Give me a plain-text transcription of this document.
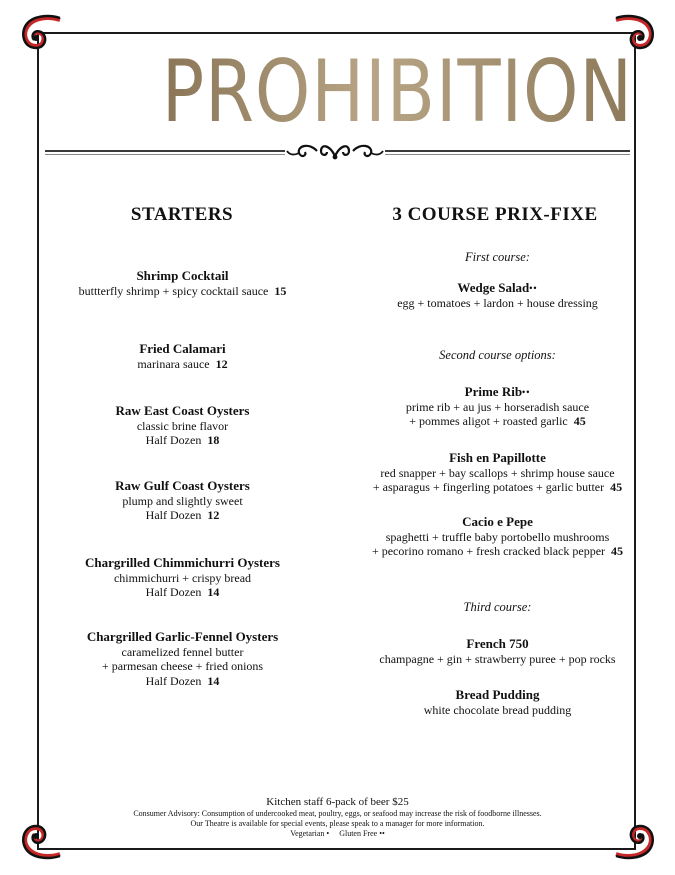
PROHIBITION
STARTERS	3 COURSE PRIX-FIXE
Shrimp Cocktail
buttterfly shrimp + spicy cocktail sauce 15
Fried Calamari
marinara sauce 12
Raw East Coast Oysters
classic brine flavor
Half Dozen 18
Raw Gulf Coast Oysters
plump and slightly sweet
Half Dozen 12
Chargrilled Chimmichurri Oysters
chimmichurri + crispy bread
Half Dozen 14
Chargrilled Garlic-Fennel Oysters
caramelized fennel butter
+ parmesan cheese + fried onions
Half Dozen 14
First course:
Wedge Salad••
egg + tomatoes + lardon + house dressing
Second course options:
Prime Rib••
prime rib + au jus + horseradish sauce
+ pommes aligot + roasted garlic 45
Fish en Papillotte
red snapper + bay scallops + shrimp house sauce
+ asparagus + fingerling potatoes + garlic butter 45
Cacio e Pepe
spaghetti + truffle baby portobello mushrooms
+ pecorino romano + fresh cracked black pepper 45
Third course:
French 750
champagne + gin + strawberry puree + pop rocks
Bread Pudding
white chocolate bread pudding
Kitchen staff 6-pack of beer $25
Consumer Advisory: Consumption of undercooked meat, poultry, eggs, or seafood may increase the risk of foodborne illnesses.
Our Theatre is available for special events, please speak to a manager for more information.
Vegetarian • Gluten Free ••
